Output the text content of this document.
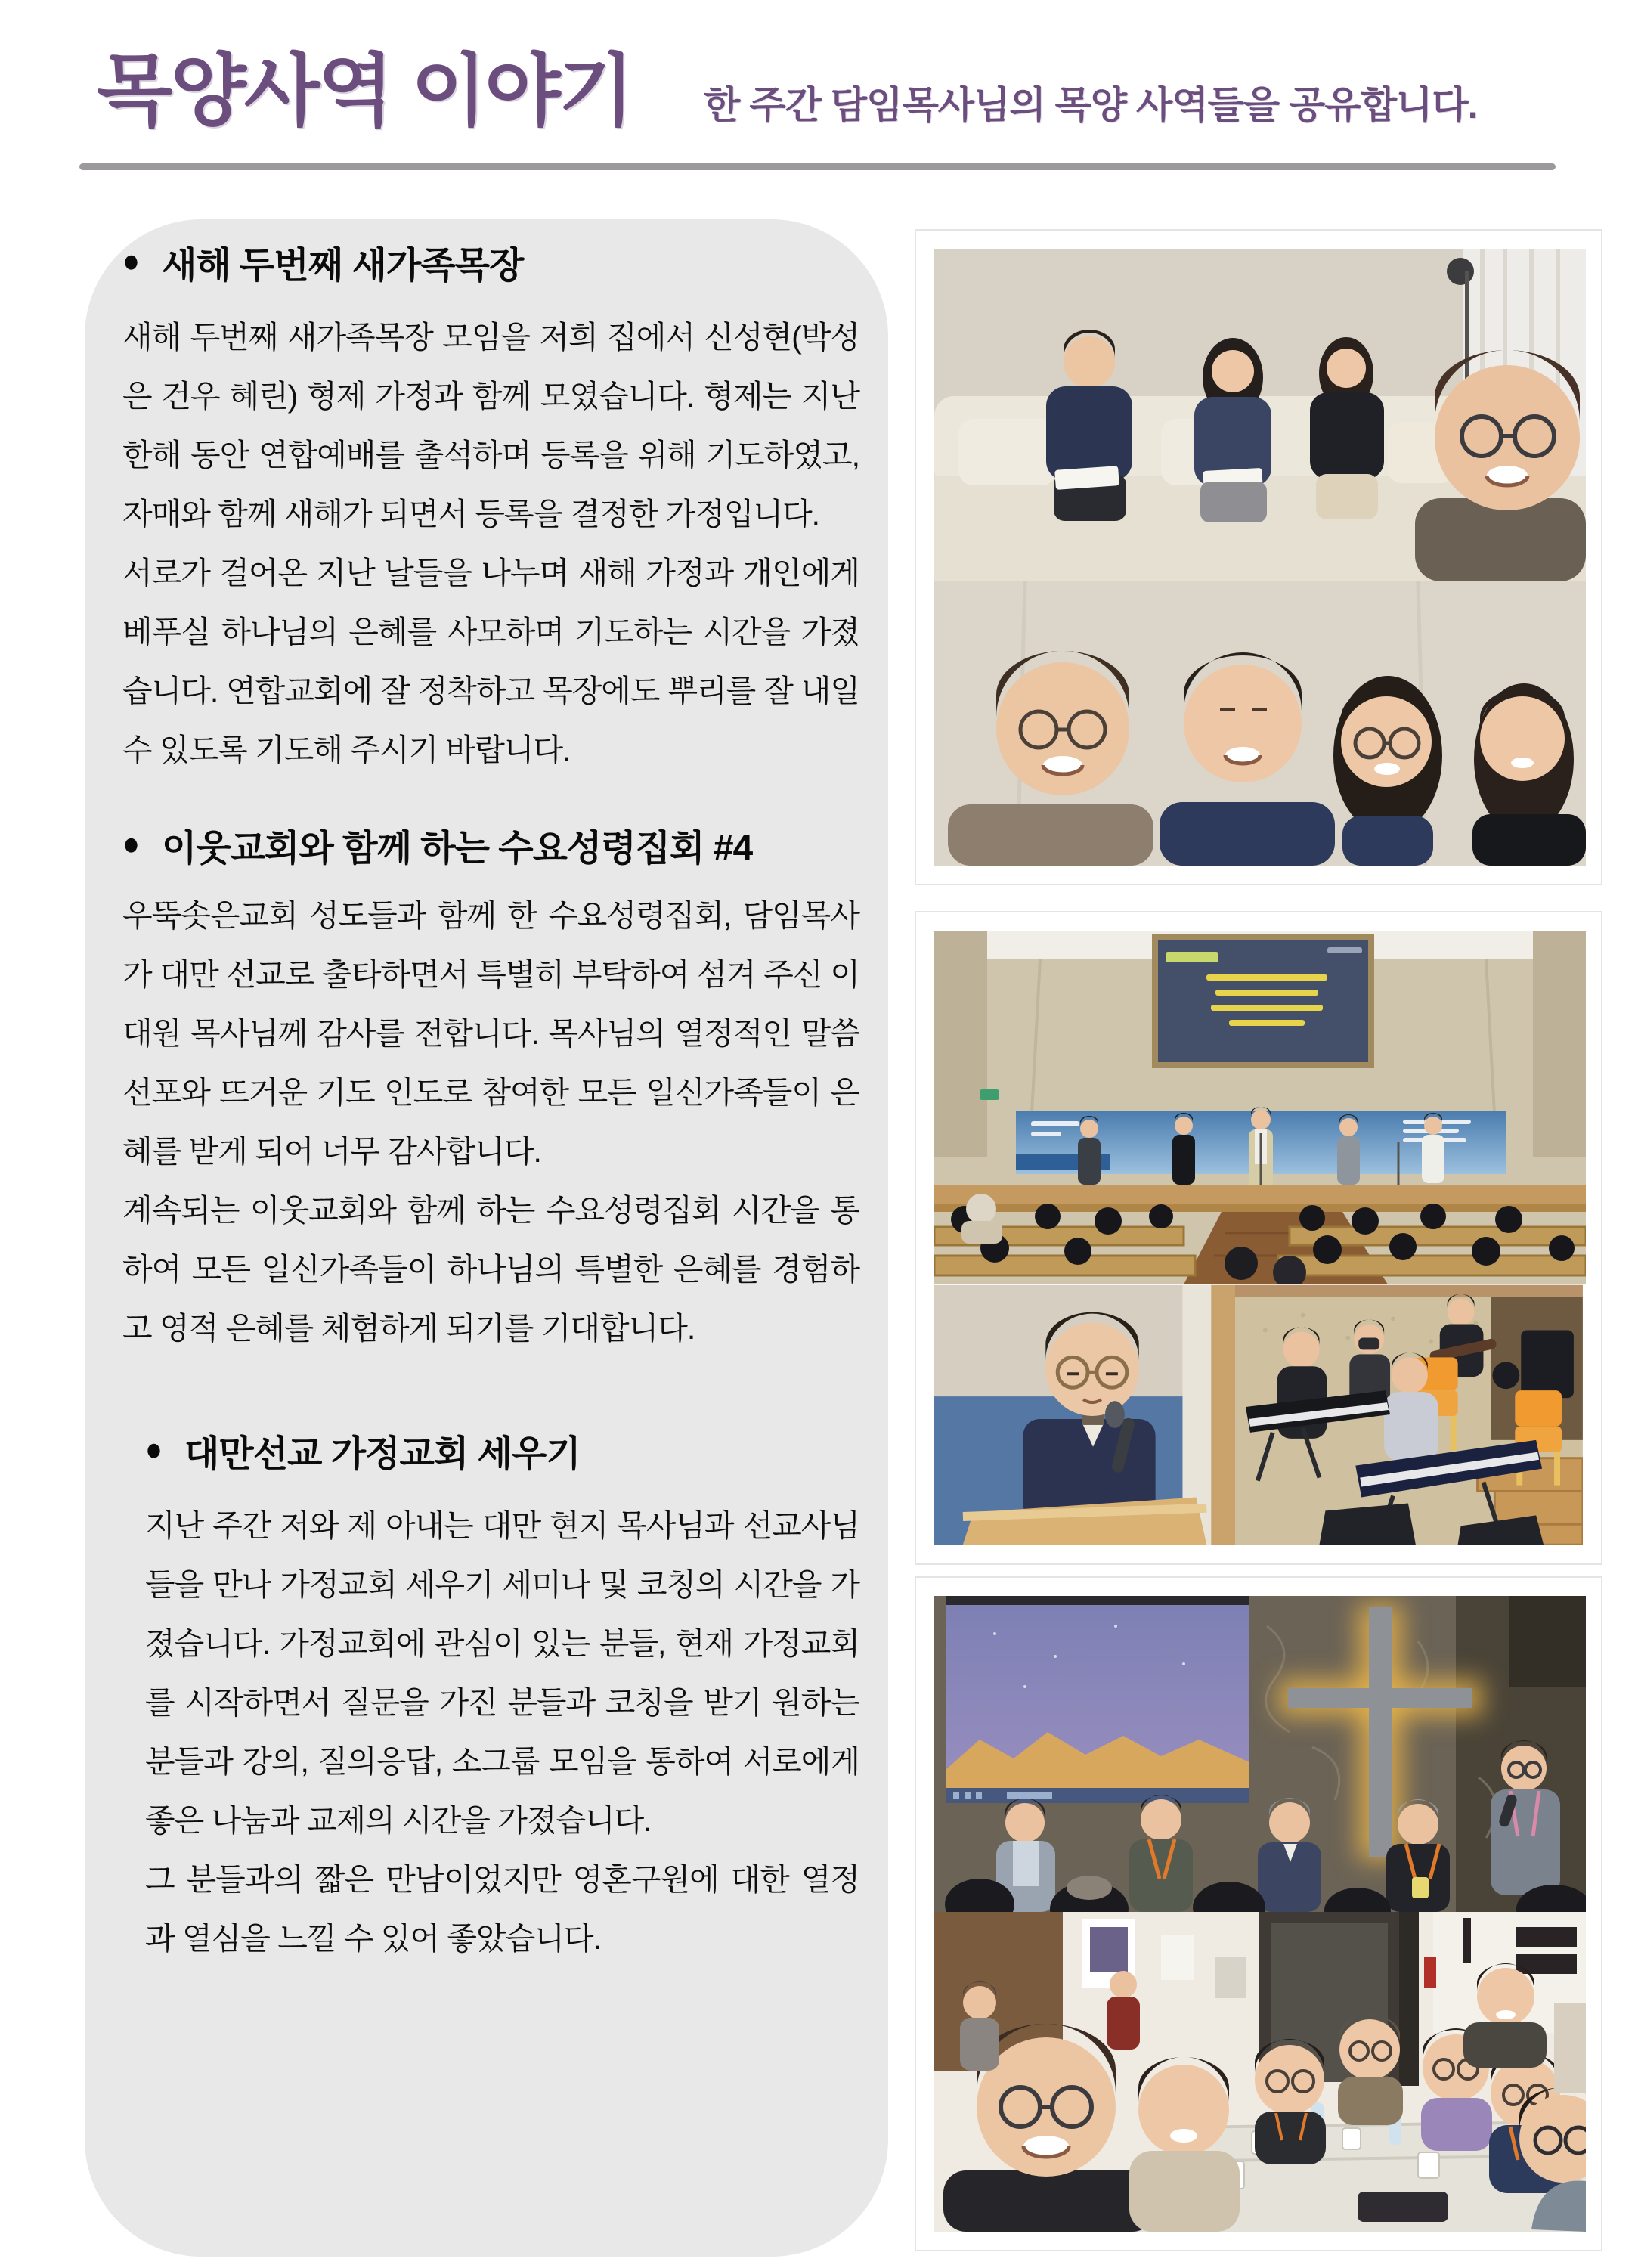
목양사역 이야기 한 주간 담임목사님의 목양 사역들을 공유합니다.
● 새해 두번째 새가족목장

새해 두번째 새가족목장 모임을 저희 집에서 신성현(박성은 건우 혜린) 형제 가정과 함께 모였습니다. 형제는 지난 한해 동안 연합예배를 출석하며 등록을 위해 기도하였고, 자매와 함께 새해가 되면서 등록을 결정한 가정입니다.

서로가 걸어온 지난 날들을 나누며 새해 가정과 개인에게 베푸실 하나님의 은혜를 사모하며 기도하는 시간을 가졌습니다. 연합교회에 잘 정착하고 목장에도 뿌리를 잘 내일 수 있도록 기도해 주시기 바랍니다.

● 이웃교회와 함께 하는 수요성령집회 #4

우뚝솟은교회 성도들과 함께 한 수요성령집회, 담임목사가 대만 선교로 출타하면서 특별히 부탁하여 섬겨 주신 이대원 목사님께 감사를 전합니다. 목사님의 열정적인 말씀 선포와 뜨거운 기도 인도로 참여한 모든 일신가족들이 은혜를 받게 되어 너무 감사합니다.

계속되는 이웃교회와 함께 하는 수요성령집회 시간을 통하여 모든 일신가족들이 하나님의 특별한 은혜를 경험하고 영적 은혜를 체험하게 되기를 기대합니다.

● 대만선교 가정교회 세우기

지난 주간 저와 제 아내는 대만 현지 목사님과 선교사님들을 만나 가정교회 세우기 세미나 및 코칭의 시간을 가졌습니다. 가정교회에 관심이 있는 분들, 현재 가정교회를 시작하면서 질문을 가진 분들과 코칭을 받기 원하는 분들과 강의, 질의응답, 소그룹 모임을 통하여 서로에게 좋은 나눔과 교제의 시간을 가졌습니다.

그 분들과의 짧은 만남이었지만 영혼구원에 대한 열정과 열심을 느낄 수 있어 좋았습니다.
